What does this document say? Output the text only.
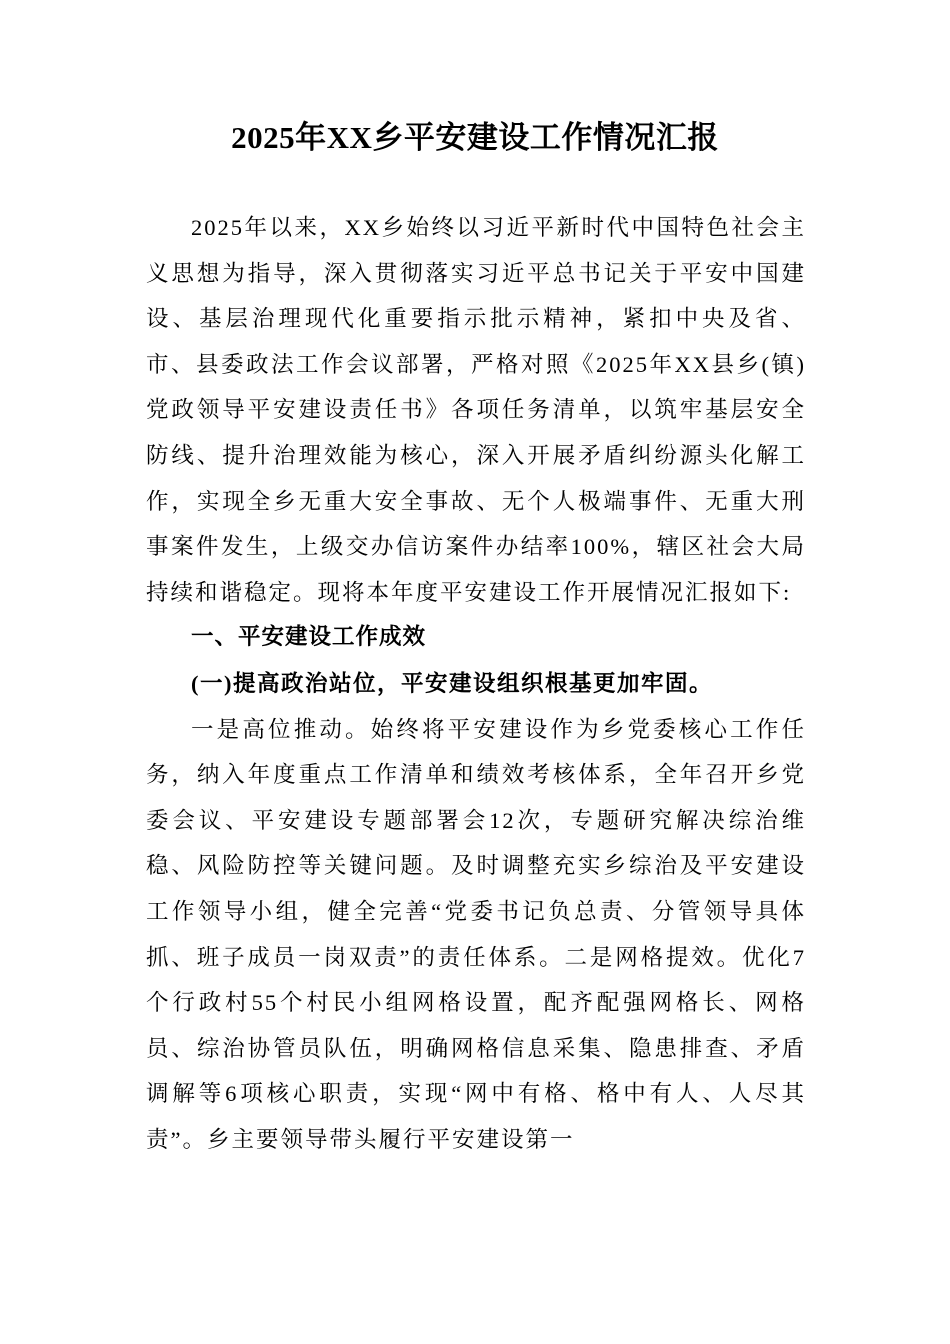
2025年XX乡平安建设工作情况汇报

2025年以来，XX乡始终以习近平新时代中国特色社会主义思想为指导，深入贯彻落实习近平总书记关于平安中国建设、基层治理现代化重要指示批示精神，紧扣中央及省、市、县委政法工作会议部署，严格对照《2025年XX县乡(镇)党政领导平安建设责任书》各项任务清单，以筑牢基层安全防线、提升治理效能为核心，深入开展矛盾纠纷源头化解工作，实现全乡无重大安全事故、无个人极端事件、无重大刑事案件发生，上级交办信访案件办结率100%，辖区社会大局持续和谐稳定。现将本年度平安建设工作开展情况汇报如下:

一、平安建设工作成效

(一)提高政治站位，平安建设组织根基更加牢固。

一是高位推动。始终将平安建设作为乡党委核心工作任务，纳入年度重点工作清单和绩效考核体系，全年召开乡党委会议、平安建设专题部署会12次，专题研究解决综治维稳、风险防控等关键问题。及时调整充实乡综治及平安建设工作领导小组，健全完善“党委书记负总责、分管领导具体抓、班子成员一岗双责”的责任体系。二是网格提效。优化7个行政村55个村民小组网格设置，配齐配强网格长、网格员、综治协管员队伍，明确网格信息采集、隐患排查、矛盾调解等6项核心职责，实现“网中有格、格中有人、人尽其责”。乡主要领导带头履行平安建设第一
